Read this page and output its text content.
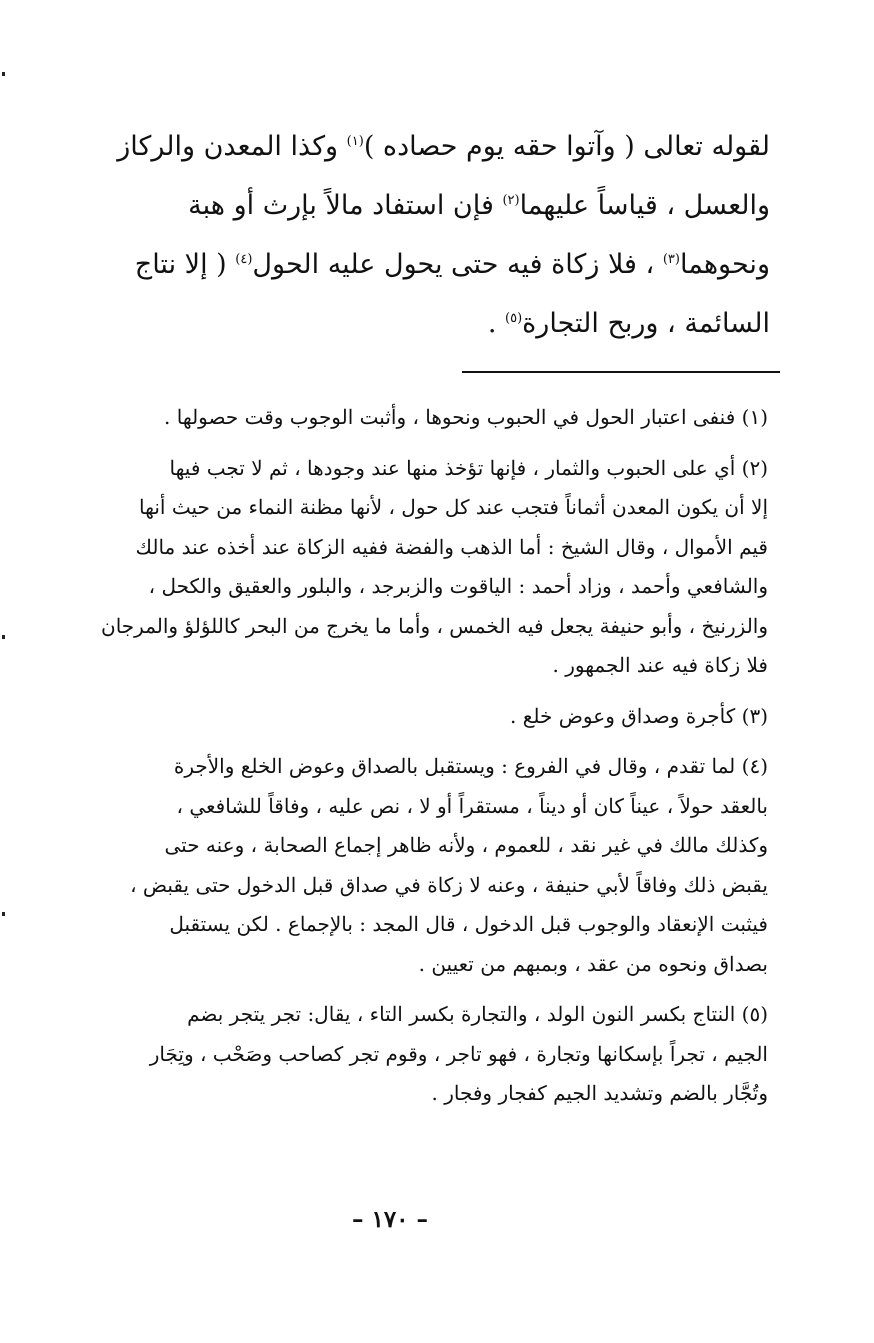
لقوله تعالى ( وآتوا حقه يوم حصاده )$^{(١)}$ وكذا المعدن والركاز
والعسل ، قياساً عليهما$^{(٢)}$ فإن استفاد مالاً بإرث أو هبة
ونحوهما$^{(٣)}$ ، فلا زكاة فيه حتى يحول عليه الحول$^{(٤)}$ ( إلا نتاج
السائمة ، وربح التجارة$^{(٥)}$ .
(١) فنفى اعتبار الحول في الحبوب ونحوها ، وأثبت الوجوب وقت حصولها .
(٢) أي على الحبوب والثمار ، فإنها تؤخذ منها عند وجودها ، ثم لا تجب فيها
إلا أن يكون المعدن أثماناً فتجب عند كل حول ، لأنها مظنة النماء من حيث أنها
قيم الأموال ، وقال الشيخ : أما الذهب والفضة ففيه الزكاة عند أخذه عند مالك
والشافعي وأحمد ، وزاد أحمد : الياقوت والزبرجد ، والبلور والعقيق والكحل ،
والزرنيخ ، وأبو حنيفة يجعل فيه الخمس ، وأما ما يخرج من البحر كاللؤلؤ والمرجان
فلا زكاة فيه عند الجمهور .
(٣) كأجرة وصداق وعوض خلع .
(٤) لما تقدم ، وقال في الفروع : ويستقبل بالصداق وعوض الخلع والأجرة
بالعقد حولاً ، عيناً كان أو ديناً ، مستقراً أو لا ، نص عليه ، وفاقاً للشافعي ،
وكذلك مالك في غير نقد ، للعموم ، ولأنه ظاهر إجماع الصحابة ، وعنه حتى
يقبض ذلك وفاقاً لأبي حنيفة ، وعنه لا زكاة في صداق قبل الدخول حتى يقبض ،
فيثبت الإنعقاد والوجوب قبل الدخول ، قال المجد : بالإجماع . لكن يستقبل
بصداق ونحوه من عقد ، وبمبهم من تعيين .
(٥) النتاج بكسر النون الولد ، والتجارة بكسر التاء ، يقال: تجر يتجر بضم
الجيم ، تجراً بإسكانها وتجارة ، فهو تاجر ، وقوم تجر كصاحب وصَحْب ، وتِجَار
وتُجَّار بالضم وتشديد الجيم كفجار وفجار .
– ١٧٠ –
